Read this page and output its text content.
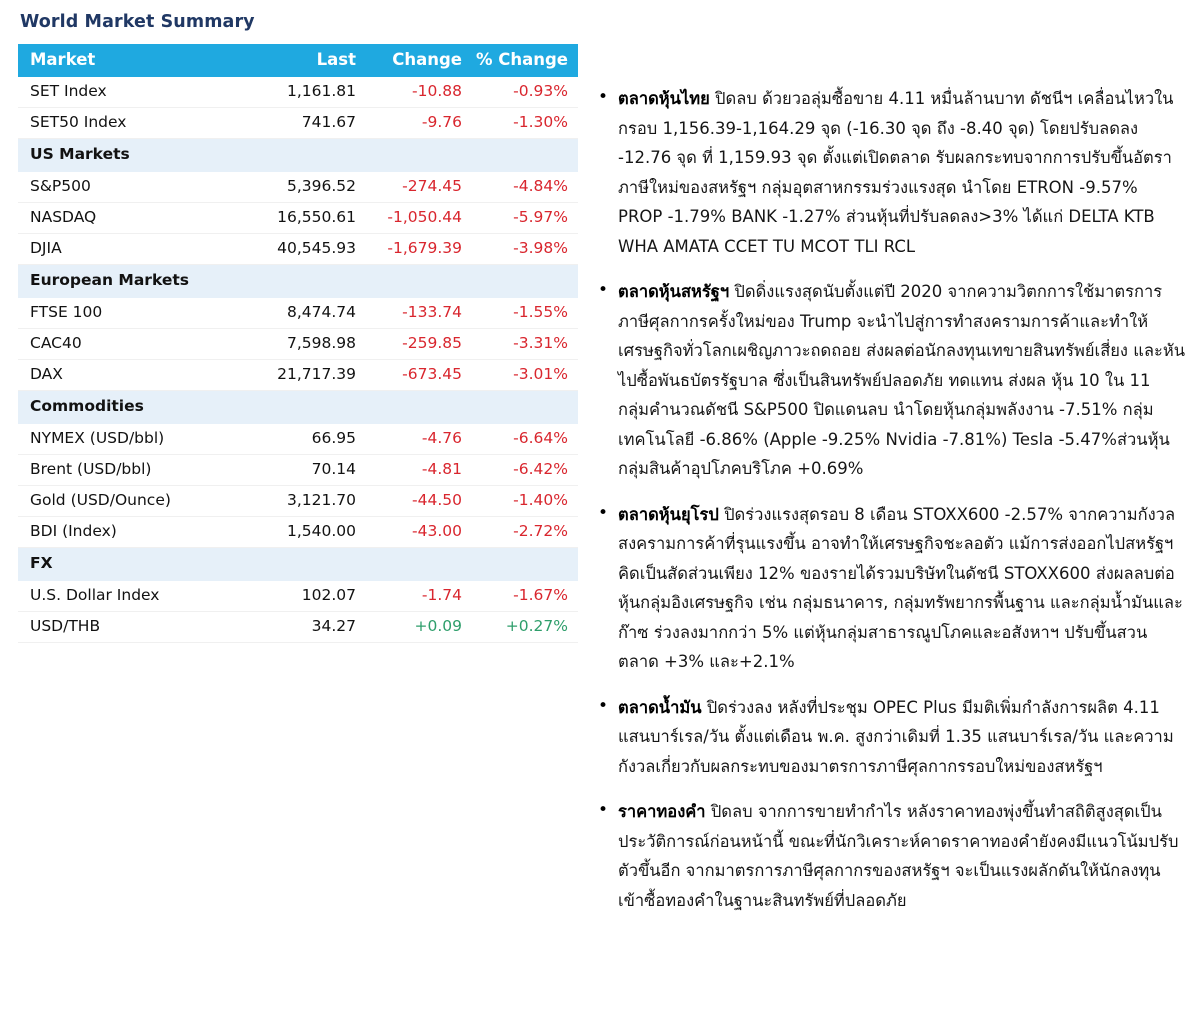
World Market Summary
Market	Last	Change	% Change
SET Index	1,161.81	-10.88	-0.93%
SET50 Index	741.67	-9.76	-1.30%
US Markets			
S&P500	5,396.52	-274.45	-4.84%
NASDAQ	16,550.61	-1,050.44	-5.97%
DJIA	40,545.93	-1,679.39	-3.98%
European Markets			
FTSE 100	8,474.74	-133.74	-1.55%
CAC40	7,598.98	-259.85	-3.31%
DAX	21,717.39	-673.45	-3.01%
Commodities			
NYMEX (USD/bbl)	66.95	-4.76	-6.64%
Brent (USD/bbl)	70.14	-4.81	-6.42%
Gold (USD/Ounce)	3,121.70	-44.50	-1.40%
BDI (Index)	1,540.00	-43.00	-2.72%
FX			
U.S. Dollar Index	102.07	-1.74	-1.67%
USD/THB	34.27	+0.09	+0.27%
• ตลาดหุ้นไทย ปิดลบ ด้วยวอลุ่มซื้อขาย 4.11 หมื่นล้านบาท ดัชนีฯ เคลื่อนไหวในกรอบ 1,156.39-1,164.29 จุด (-16.30 จุด ถึง -8.40 จุด) โดยปรับลดลง -12.76 จุด ที่ 1,159.93 จุด ตั้งแต่เปิดตลาด รับผลกระทบจากการปรับขึ้นอัตราภาษีใหม่ของสหรัฐฯ กลุ่มอุตสาหกรรมร่วงแรงสุด นำโดย ETRON -9.57% PROP -1.79% BANK -1.27% ส่วนหุ้นที่ปรับลดลง>3% ได้แก่ DELTA KTB WHA AMATA CCET TU MCOT TLI RCL
• ตลาดหุ้นสหรัฐฯ ปิดดิ่งแรงสุดนับตั้งแต่ปี 2020 จากความวิตกการใช้มาตรการภาษีศุลกากรครั้งใหม่ของ Trump จะนำไปสู่การทำสงครามการค้าและทำให้เศรษฐกิจทั่วโลกเผชิญภาวะถดถอย ส่งผลต่อนักลงทุนเทขายสินทรัพย์เสี่ยง และหันไปซื้อพันธบัตรรัฐบาล ซึ่งเป็นสินทรัพย์ปลอดภัย ทดแทน ส่งผล หุ้น 10 ใน 11 กลุ่มคำนวณดัชนี S&P500 ปิดแดนลบ นำโดยหุ้นกลุ่มพลังงาน -7.51% กลุ่มเทคโนโลยี -6.86% (Apple -9.25% Nvidia -7.81%) Tesla -5.47%ส่วนหุ้นกลุ่มสินค้าอุปโภคบริโภค +0.69%
• ตลาดหุ้นยุโรป ปิดร่วงแรงสุดรอบ 8 เดือน STOXX600 -2.57% จากความกังวลสงครามการค้าที่รุนแรงขึ้น อาจทำให้เศรษฐกิจชะลอตัว แม้การส่งออกไปสหรัฐฯ คิดเป็นสัดส่วนเพียง 12% ของรายได้รวมบริษัทในดัชนี STOXX600 ส่งผลลบต่อหุ้นกลุ่มอิงเศรษฐกิจ เช่น กลุ่มธนาคาร, กลุ่มทรัพยากรพื้นฐาน และกลุ่มน้ำมันและก๊าซ ร่วงลงมากกว่า 5% แต่หุ้นกลุ่มสาธารณูปโภคและอสังหาฯ ปรับขึ้นสวนตลาด +3% และ+2.1%
• ตลาดน้ำมัน ปิดร่วงลง หลังที่ประชุม OPEC Plus มีมติเพิ่มกำลังการผลิต 4.11 แสนบาร์เรล/วัน ตั้งแต่เดือน พ.ค. สูงกว่าเดิมที่ 1.35 แสนบาร์เรล/วัน และความกังวลเกี่ยวกับผลกระทบของมาตรการภาษีศุลกากรรอบใหม่ของสหรัฐฯ
• ราคาทองคำ ปิดลบ จากการขายทำกำไร หลังราคาทองพุ่งขึ้นทำสถิติสูงสุดเป็นประวัติการณ์ก่อนหน้านี้ ขณะที่นักวิเคราะห์คาดราคาทองคำยังคงมีแนวโน้มปรับตัวขึ้นอีก จากมาตรการภาษีศุลกากรของสหรัฐฯ จะเป็นแรงผลักดันให้นักลงทุนเข้าซื้อทองคำในฐานะสินทรัพย์ที่ปลอดภัย
